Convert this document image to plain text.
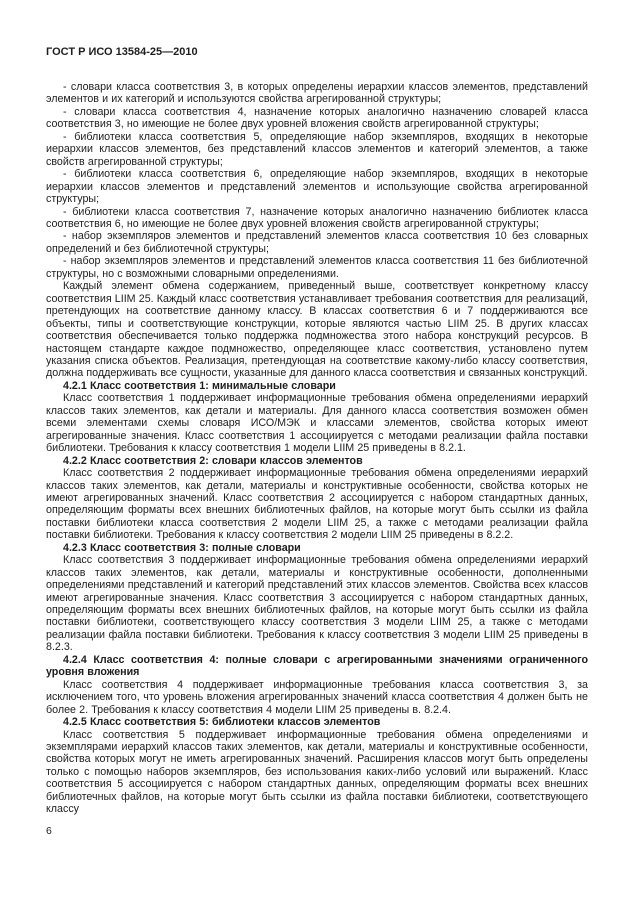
ГОСТ Р ИСО 13584-25—2010

- словари класса соответствия 3, в которых определены иерархии классов элементов, представлений элементов и их категорий и используются свойства агрегированной структуры;

- словари класса соответствия 4, назначение которых аналогично назначению словарей класса соответствия 3, но имеющие не более двух уровней вложения свойств агрегированной структуры;

- библиотеки класса соответствия 5, определяющие набор экземпляров, входящих в некоторые иерархии классов элементов, без представлений классов элементов и категорий элементов, а также свойств агрегированной структуры;

- библиотеки класса соответствия 6, определяющие набор экземпляров, входящих в некоторые иерархии классов элементов и представлений элементов и использующие свойства агрегированной структуры;

- библиотеки класса соответствия 7, назначение которых аналогично назначению библиотек класса соответствия 6, но имеющие не более двух уровней вложения свойств агрегированной структуры;

- набор экземпляров элементов и представлений элементов класса соответствия 10 без словарных определений и без библиотечной структуры;

- набор экземпляров элементов и представлений элементов класса соответствия 11 без библиотечной структуры, но с возможными словарными определениями.

Каждый элемент обмена содержанием, приведенный выше, соответствует конкретному классу соответствия LIIM 25. Каждый класс соответствия устанавливает требования соответствия для реализаций, претендующих на соответствие данному классу. В классах соответствия 6 и 7 поддерживаются все объекты, типы и соответствующие конструкции, которые являются частью LIIM 25. В других классах соответствия обеспечивается только поддержка подмножества этого набора конструкций ресурсов. В настоящем стандарте каждое подмножество, определяющее класс соответствия, установлено путем указания списка объектов. Реализация, претендующая на соответствие какому-либо классу соответствия, должна поддерживать все сущности, указанные для данного класса соответствия и связанных конструкций.

4.2.1 Класс соответствия 1: минимальные словари

Класс соответствия 1 поддерживает информационные требования обмена определениями иерархий классов таких элементов, как детали и материалы. Для данного класса соответствия возможен обмен всеми элементами схемы словаря ИСО/МЭК и классами элементов, свойства которых имеют агрегированные значения. Класс соответствия 1 ассоциируется с методами реализации файла поставки библиотеки. Требования к классу соответствия 1 модели LIIM 25 приведены в 8.2.1.

4.2.2 Класс соответствия 2: словари классов элементов

Класс соответствия 2 поддерживает информационные требования обмена определениями иерархий классов таких элементов, как детали, материалы и конструктивные особенности, свойства которых не имеют агрегированных значений. Класс соответствия 2 ассоциируется с набором стандартных данных, определяющим форматы всех внешних библиотечных файлов, на которые могут быть ссылки из файла поставки библиотеки класса соответствия 2 модели LIIM 25, а также с методами реализации файла поставки библиотеки. Требования к классу соответствия 2 модели LIIM 25 приведены в 8.2.2.

4.2.3 Класс соответствия 3: полные словари

Класс соответствия 3 поддерживает информационные требования обмена определениями иерархий классов таких элементов, как детали, материалы и конструктивные особенности, дополненными определениями представлений и категорий представлений этих классов элементов. Свойства всех классов имеют агрегированные значения. Класс соответствия 3 ассоциируется с набором стандартных данных, определяющим форматы всех внешних библиотечных файлов, на которые могут быть ссылки из файла поставки библиотеки, соответствующего классу соответствия 3 модели LIIM 25, а также с методами реализации файла поставки библиотеки. Требования к классу соответствия 3 модели LIIM 25 приведены в 8.2.3.

4.2.4 Класс соответствия 4: полные словари с агрегированными значениями ограниченного уровня вложения

Класс соответствия 4 поддерживает информационные требования класса соответствия 3, за исключением того, что уровень вложения агрегированных значений класса соответствия 4 должен быть не более 2. Требования к классу соответствия 4 модели LIIM 25 приведены в. 8.2.4.

4.2.5 Класс соответствия 5: библиотеки классов элементов

Класс соответствия 5 поддерживает информационные требования обмена определениями и экземплярами иерархий классов таких элементов, как детали, материалы и конструктивные особенности, свойства которых могут не иметь агрегированных значений. Расширения классов могут быть определены только с помощью наборов экземпляров, без использования каких-либо условий или выражений. Класс соответствия 5 ассоциируется с набором стандартных данных, определяющим форматы всех внешних библиотечных файлов, на которые могут быть ссылки из файла поставки библиотеки, соответствующего классу

6
